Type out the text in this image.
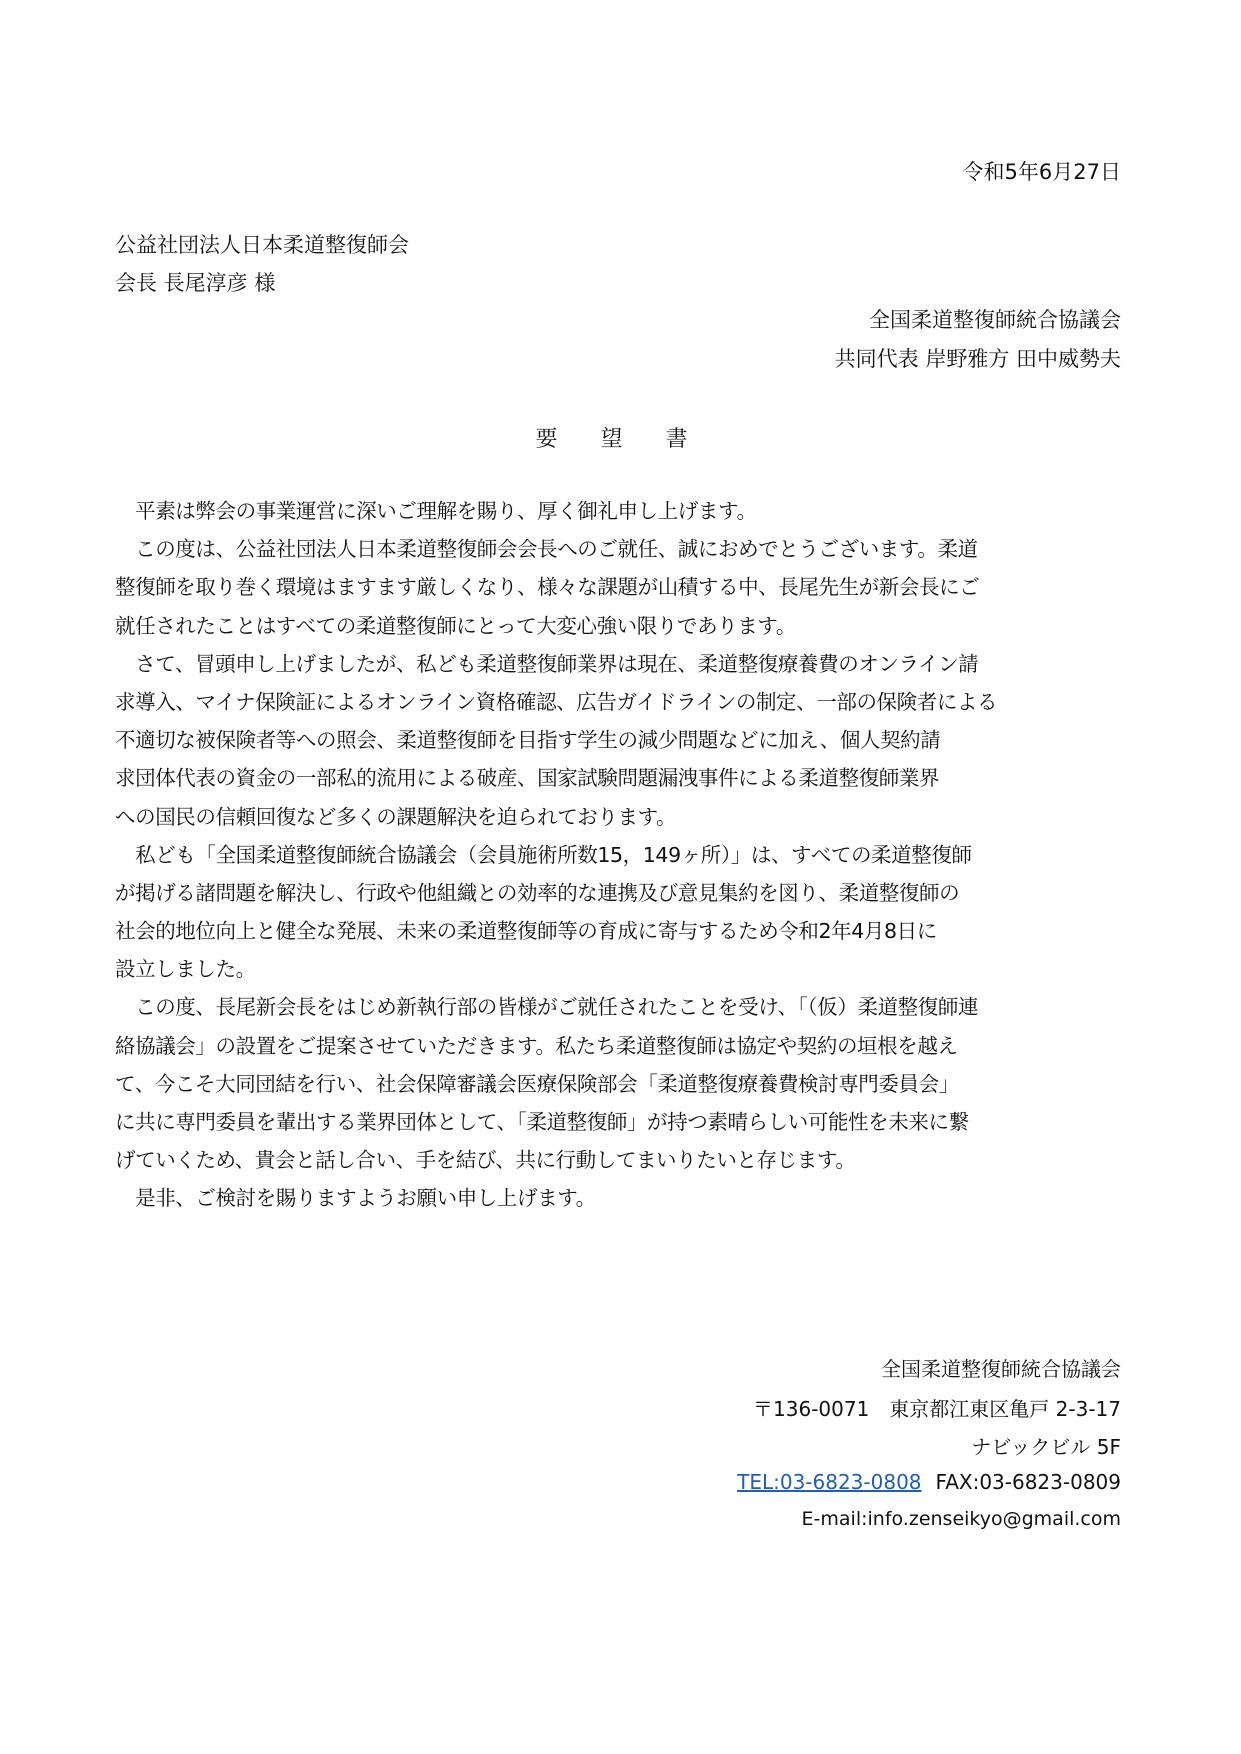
令和5年6月27日
公益社団法人日本柔道整復師会
会長 長尾淳彦 様
全国柔道整復師統合協議会
共同代表 岸野雅方 田中威勢夫
要 望 書
　平素は弊会の事業運営に深いご理解を賜り、厚く御礼申し上げます。
　この度は、公益社団法人日本柔道整復師会会長へのご就任、誠におめでとうございます。柔道
整復師を取り巻く環境はますます厳しくなり、様々な課題が山積する中、長尾先生が新会長にご
就任されたことはすべての柔道整復師にとって大変心強い限りであります。
　さて、冒頭申し上げましたが、私ども柔道整復師業界は現在、柔道整復療養費のオンライン請
求導入、マイナ保険証によるオンライン資格確認、広告ガイドラインの制定、一部の保険者による
不適切な被保険者等への照会、柔道整復師を目指す学生の減少問題などに加え、個人契約請
求団体代表の資金の一部私的流用による破産、国家試験問題漏洩事件による柔道整復師業界
への国民の信頼回復など多くの課題解決を迫られております。
　私ども「全国柔道整復師統合協議会（会員施術所数15，149ヶ所）」は、すべての柔道整復師
が掲げる諸問題を解決し、行政や他組織との効率的な連携及び意見集約を図り、柔道整復師の
社会的地位向上と健全な発展、未来の柔道整復師等の育成に寄与するため令和2年4月8日に
設立しました。
　この度、長尾新会長をはじめ新執行部の皆様がご就任されたことを受け、「（仮）柔道整復師連
絡協議会」の設置をご提案させていただきます。私たち柔道整復師は協定や契約の垣根を越え
て、今こそ大同団結を行い、社会保障審議会医療保険部会「柔道整復療養費検討専門委員会」
に共に専門委員を輩出する業界団体として、「柔道整復師」が持つ素晴らしい可能性を未来に繋
げていくため、貴会と話し合い、手を結び、共に行動してまいりたいと存じます。
　是非、ご検討を賜りますようお願い申し上げます。
全国柔道整復師統合協議会
〒136-0071　東京都江東区亀戸 2-3-17
ナビックビル 5F
TEL:03-6823-0808 FAX:03-6823-0809
E-mail:info.zenseikyo@gmail.com
